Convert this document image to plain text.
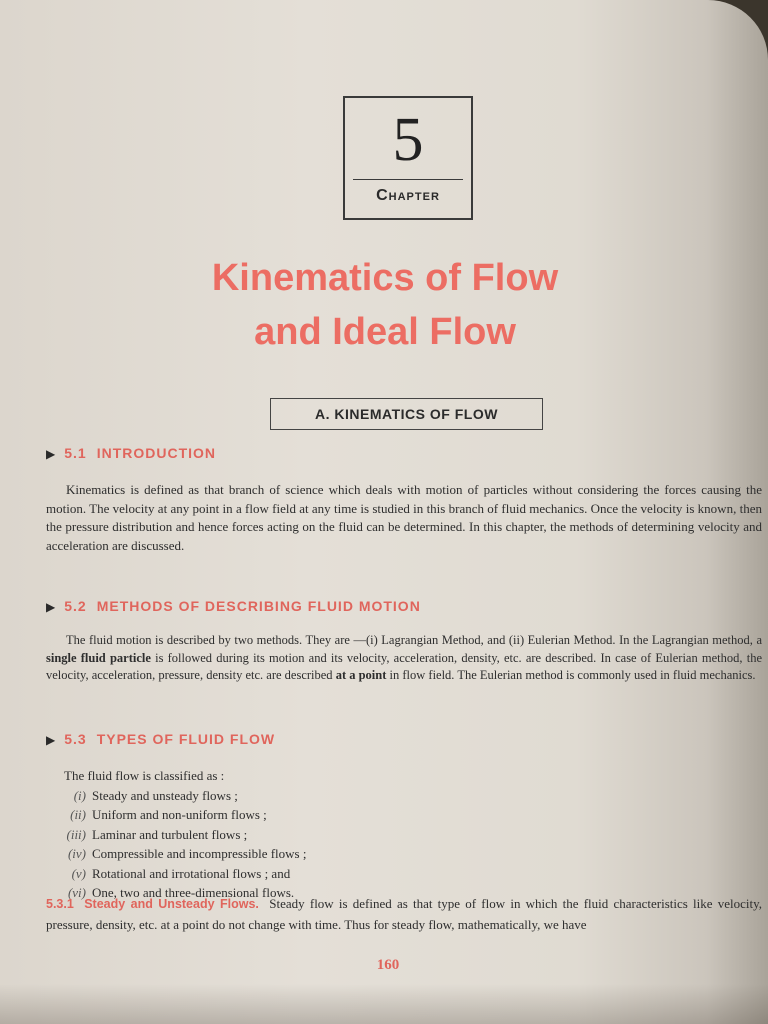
5
Chapter
Kinematics of Flow
and Ideal Flow
A. KINEMATICS OF FLOW
▶ 5.1 INTRODUCTION
Kinematics is defined as that branch of science which deals with motion of particles without considering the forces causing the motion. The velocity at any point in a flow field at any time is studied in this branch of fluid mechanics. Once the velocity is known, then the pressure distribution and hence forces acting on the fluid can be determined. In this chapter, the methods of determining velocity and acceleration are discussed.
▶ 5.2 METHODS OF DESCRIBING FLUID MOTION
The fluid motion is described by two methods. They are —(i) Lagrangian Method, and (ii) Eulerian Method. In the Lagrangian method, a single fluid particle is followed during its motion and its velocity, acceleration, density, etc. are described. In case of Eulerian method, the velocity, acceleration, pressure, density etc. are described at a point in flow field. The Eulerian method is commonly used in fluid mechanics.
▶ 5.3 TYPES OF FLUID FLOW
The fluid flow is classified as :
(i) Steady and unsteady flows ;
(ii) Uniform and non-uniform flows ;
(iii) Laminar and turbulent flows ;
(iv) Compressible and incompressible flows ;
(v) Rotational and irrotational flows ; and
(vi) One, two and three-dimensional flows.
5.3.1 Steady and Unsteady Flows. Steady flow is defined as that type of flow in which the fluid characteristics like velocity, pressure, density, etc. at a point do not change with time. Thus for steady flow, mathematically, we have
160
